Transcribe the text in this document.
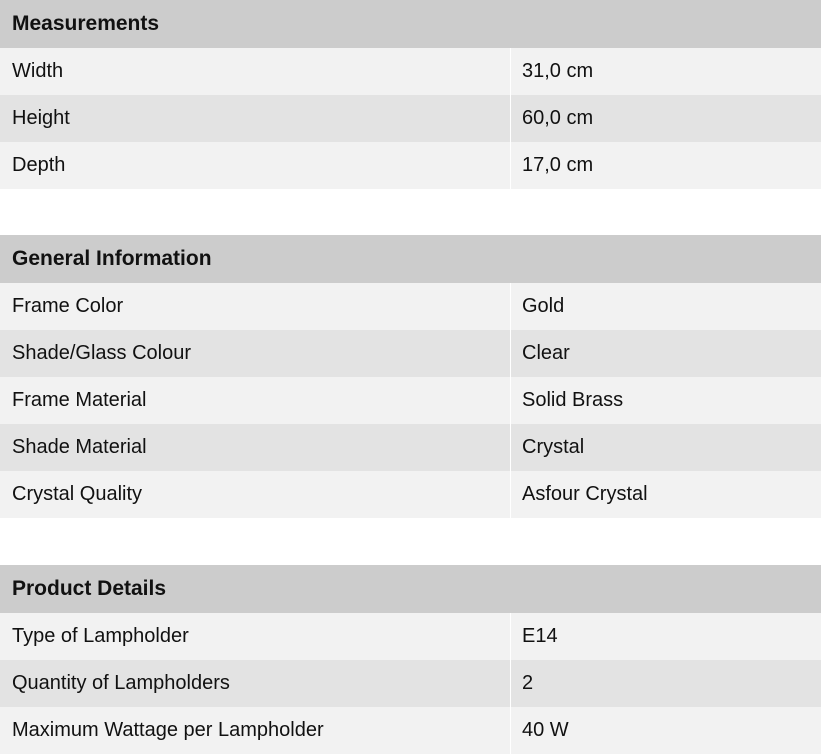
Measurements
Width	31,0 cm
Height	60,0 cm
Depth	17,0 cm
General Information
Frame Color	Gold
Shade/Glass Colour	Clear
Frame Material	Solid Brass
Shade Material	Crystal
Crystal Quality	Asfour Crystal
Product Details
Type of Lampholder	E14
Quantity of Lampholders	2
Maximum Wattage per Lampholder	40 W
